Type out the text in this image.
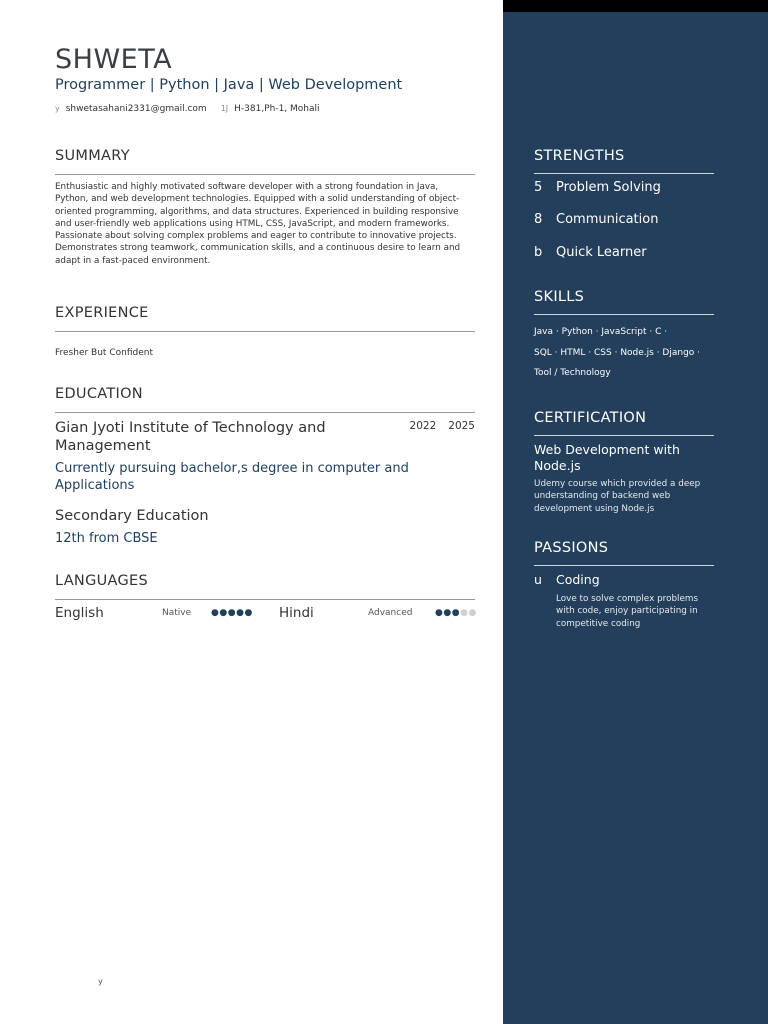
SHWETA
Programmer | Python | Java | Web Development
y shwetasahani2331@gmail.com 1J H-381,Ph-1, Mohali
SUMMARY
Enthusiastic and highly motivated software developer with a strong foundation in Java, Python, and web development technologies. Equipped with a solid understanding of object-oriented programming, algorithms, and data structures. Experienced in building responsive and user-friendly web applications using HTML, CSS, JavaScript, and modern frameworks. Passionate about solving complex problems and eager to contribute to innovative projects. Demonstrates strong teamwork, communication skills, and a continuous desire to learn and adapt in a fast-paced environment.
EXPERIENCE
Fresher But Confident
EDUCATION
Gian Jyoti Institute of Technology and Management
2022 2025
Currently pursuing bachelor,s degree in computer and Applications
Secondary Education
12th from CBSE
LANGUAGES
English	Native ●●●●● Hindi	Advanced	●●●●●
STRENGTHS
5 Problem Solving
8 Communication
b Quick Learner
SKILLS
Java · Python · JavaScript · C ·
SQL · HTML · CSS · Node.js · Django ·
Tool / Technology
CERTIFICATION
Web Development with Node.js
Udemy course which provided a deep understanding of backend web development using Node.js
PASSIONS
u Coding
Love to solve complex problems with code, enjoy participating in competitive coding
y
